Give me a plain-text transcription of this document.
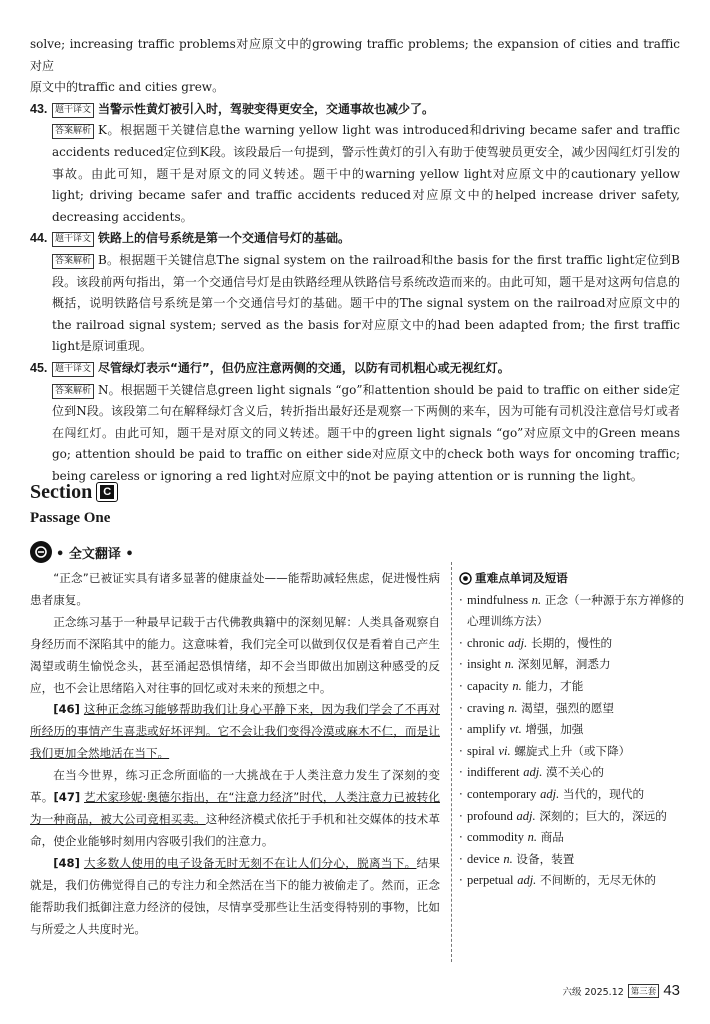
solve; increasing traffic problems对应原文中的growing traffic problems; the expansion of cities and traffic对应

原文中的traffic and cities grew。

43. 题干译文 当警示性黄灯被引入时，驾驶变得更安全，交通事故也减少了。

答案解析 K。根据题干关键信息the warning yellow light was introduced和driving became safer and traffic accidents reduced定位到K段。该段最后一句提到，警示性黄灯的引入有助于使驾驶员更安全，减少因闯红灯引发的事故。由此可知，题干是对原文的同义转述。题干中的warning yellow light对应原文中的cautionary yellow light; driving became safer and traffic accidents reduced对应原文中的helped increase driver safety, decreasing accidents。

44. 题干译文 铁路上的信号系统是第一个交通信号灯的基础。

答案解析 B。根据题干关键信息The signal system on the railroad和the basis for the first traffic light定位到B段。该段前两句指出，第一个交通信号灯是由铁路经理从铁路信号系统改造而来的。由此可知，题干是对这两句信息的概括，说明铁路信号系统是第一个交通信号灯的基础。题干中的The signal system on the railroad对应原文中的the railroad signal system; served as the basis for对应原文中的had been adapted from; the first traffic light是原词重现。

45. 题干译文 尽管绿灯表示“通行”，但仍应注意两侧的交通，以防有司机粗心或无视红灯。

答案解析 N。根据题干关键信息green light signals “go”和attention should be paid to traffic on either side定位到N段。该段第二句在解释绿灯含义后，转折指出最好还是观察一下两侧的来车，因为可能有司机没注意信号灯或者在闯红灯。由此可知，题干是对原文的同义转述。题干中的green light signals “go”对应原文中的Green means go; attention should be paid to traffic on either side对应原文中的check both ways for oncoming traffic; being careless or ignoring a red light对应原文中的not be paying attention or is running the light。

Section C
Passage One
• 全文翻译 •

“正念”已被证实具有诸多显著的健康益处——能帮助减轻焦虑，促进慢性病患者康复。

正念练习基于一种最早记载于古代佛教典籍中的深刻见解：人类具备观察自身经历而不深陷其中的能力。这意味着，我们完全可以做到仅仅是看着自己产生渴望或萌生愉悦念头，甚至涌起恐惧情绪，却不会当即做出加剧这种感受的反应，也不会让思绪陷入对往事的回忆或对未来的预想之中。

[46] 这种正念练习能够帮助我们让身心平静下来，因为我们学会了不再对所经历的事情产生喜悲或好坏评判。它不会让我们变得冷漠或麻木不仁，而是让我们更加全然地活在当下。

在当今世界，练习正念所面临的一大挑战在于人类注意力发生了深刻的变革。[47] 艺术家珍妮·奥德尔指出，在“注意力经济”时代，人类注意力已被转化为一种商品，被大公司竞相买卖。这种经济模式依托于手机和社交媒体的技术革命，使企业能够时刻用内容吸引我们的注意力。

[48] 大多数人使用的电子设备无时无刻不在让人们分心，脱离当下。结果就是，我们仿佛觉得自己的专注力和全然活在当下的能力被偷走了。然而，正念能帮助我们抵御注意力经济的侵蚀，尽情享受那些让生活变得特别的事物，比如与所爱之人共度时光。

重难点单词及短语
· mindfulness n. 正念（一种源于东方禅修的心理训练方法）
· chronic adj. 长期的，慢性的
· insight n. 深刻见解，洞悉力
· capacity n. 能力，才能
· craving n. 渴望，强烈的愿望
· amplify vt. 增强，加强
· spiral vi. 螺旋式上升（或下降）
· indifferent adj. 漠不关心的
· contemporary adj. 当代的，现代的
· profound adj. 深刻的；巨大的，深远的
· commodity n. 商品
· device n. 设备，装置
· perpetual adj. 不间断的，无尽无休的
六级 2025.12 第三套 43
